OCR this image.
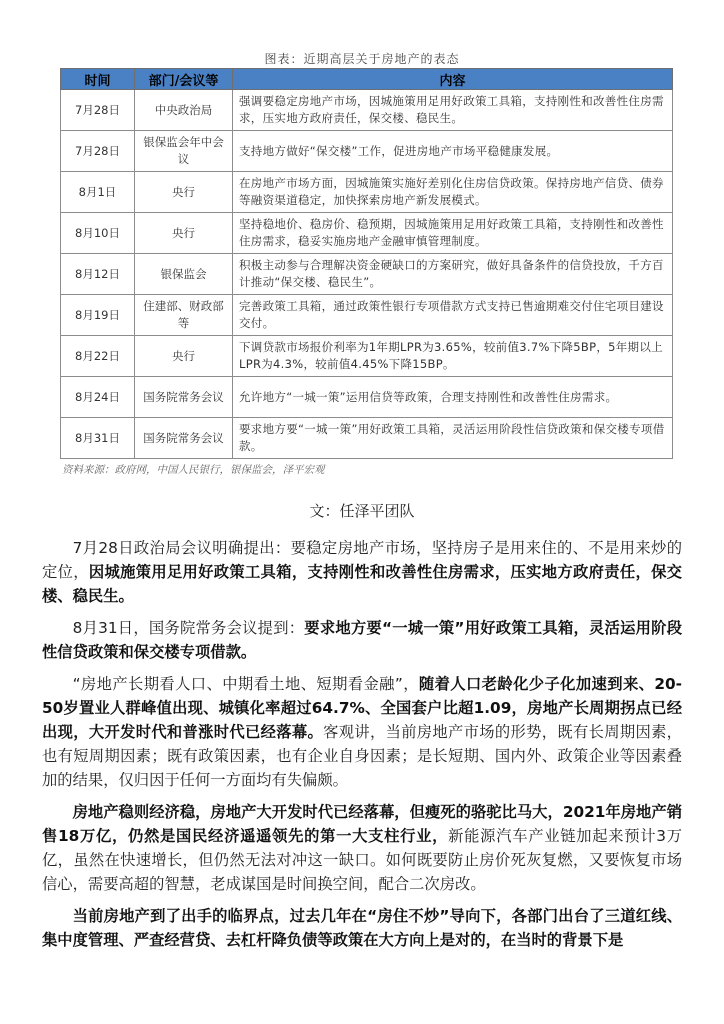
图表：近期高层关于房地产的表态
时间	部门/会议等	内容
7月28日	中央政治局	强调要稳定房地产市场，因城施策用足用好政策工具箱，支持刚性和改善性住房需求，压实地方政府责任，保交楼、稳民生。
7月28日	银保监会年中会议	支持地方做好“保交楼”工作，促进房地产市场平稳健康发展。
8月1日	央行	在房地产市场方面，因城施策实施好差别化住房信贷政策。保持房地产信贷、债券等融资渠道稳定，加快探索房地产新发展模式。
8月10日	央行	坚持稳地价、稳房价、稳预期，因城施策用足用好政策工具箱，支持刚性和改善性住房需求，稳妥实施房地产金融审慎管理制度。
8月12日	银保监会	积极主动参与合理解决资金硬缺口的方案研究，做好具备条件的信贷投放，千方百计推动“保交楼、稳民生”。
8月19日	住建部、财政部等	完善政策工具箱，通过政策性银行专项借款方式支持已售逾期难交付住宅项目建设交付。
8月22日	央行	下调贷款市场报价利率为1年期LPR为3.65%，较前值3.7%下降5BP，5年期以上LPR为4.3%，较前值4.45%下降15BP。
8月24日	国务院常务会议	允许地方“一城一策”运用信贷等政策，合理支持刚性和改善性住房需求。
8月31日	国务院常务会议	要求地方要“一城一策”用好政策工具箱，灵活运用阶段性信贷政策和保交楼专项借款。
资料来源：政府网，中国人民银行，银保监会，泽平宏观
文：任泽平团队

7月28日政治局会议明确提出：要稳定房地产市场，坚持房子是用来住的、不是用来炒的定位，因城施策用足用好政策工具箱，支持刚性和改善性住房需求，压实地方政府责任，保交楼、稳民生。

8月31日，国务院常务会议提到：要求地方要“一城一策”用好政策工具箱，灵活运用阶段性信贷政策和保交楼专项借款。

“房地产长期看人口、中期看土地、短期看金融”，随着人口老龄化少子化加速到来、20-50岁置业人群峰值出现、城镇化率超过64.7%、全国套户比超1.09，房地产长周期拐点已经出现，大开发时代和普涨时代已经落幕。客观讲，当前房地产市场的形势，既有长周期因素，也有短周期因素；既有政策因素，也有企业自身因素；是长短期、国内外、政策企业等因素叠加的结果，仅归因于任何一方面均有失偏颇。

房地产稳则经济稳，房地产大开发时代已经落幕，但瘦死的骆驼比马大，2021年房地产销售18万亿，仍然是国民经济遥遥领先的第一大支柱行业，新能源汽车产业链加起来预计3万亿，虽然在快速增长，但仍然无法对冲这一缺口。如何既要防止房价死灰复燃，又要恢复市场信心，需要高超的智慧，老成谋国是时间换空间，配合二次房改。

当前房地产到了出手的临界点，过去几年在“房住不炒”导向下，各部门出台了三道红线、集中度管理、严查经营贷、去杠杆降负债等政策在大方向上是对的，在当时的背景下是
